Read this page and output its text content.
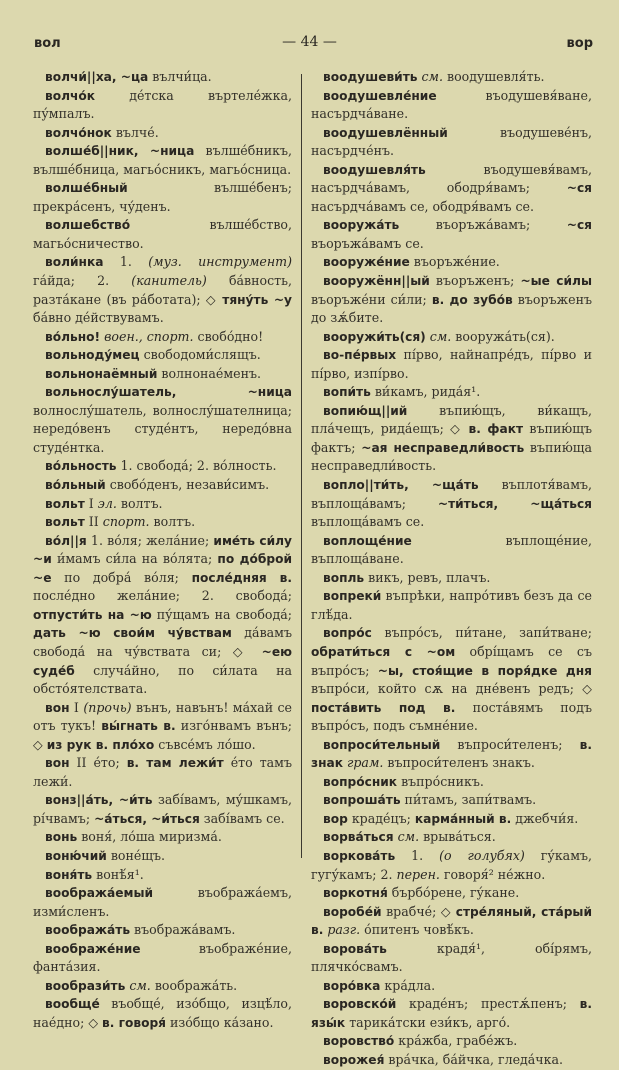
вол	— 44 —	вор

волчи́||ха, ~ца вълчи́ца.

волчо́к де́тска въртеле́жка, пу́мпалъ.

волчо́нок вълче́.

волше́б||ник, ~ница вълше́бникъ, вълше́бница, магьо́сникъ, магьо́сница.

волше́бный вълше́бенъ; прекра́сенъ, чу́денъ.

волшебство́ вълше́бство, магьо́сничество.

воли́нка 1. (муз. инструмент) га́йда; 2. (канитель) ба́вность, разта́кане (въ ра́ботата); ◇ тяну́ть ~у ба́вно де́йствувамъ.

во́льно! воен., спорт. свобо́дно!

вольноду́мец свободоми́слящъ.

вольнонаёмный волнонае́менъ.

вольнослу́шатель, ~ница волнослу́шатель, волнослу́шателница; нередо́венъ студе́нтъ, нередо́вна студе́нтка.

во́льность 1. свобода́; 2. во́лность.

во́льный свобо́денъ, незави́симъ.

вольт I эл. волтъ.

вольт II спорт. волтъ.

во́л||я 1. во́ля; жела́ние; име́ть си́лу ~и и́мамъ си́ла на во́лята; по до́брой ~е по добра́ во́ля; после́дняя в. после́дно жела́ние; 2. свобода́; отпусти́ть на ~ю пу́щамъ на свобода́; дать ~ю свои́м чу́вствам да́вамъ свобода́ на чу́вствата си; ◇ ~ею суде́б случа́йно, по си́лата на обсто́ятелствата.

вон I (прочь) вънъ, навънъ! ма́хай се отъ тукъ! вы́гнать в. изго́нвамъ вънъ; ◇ из рук в. пло́хо съвсе́мъ ло́шо.

вон II е́то; в. там лежи́т е́то тамъ лежи́.

вонз||а́ть, ~и́ть забі́вамъ, му́шкамъ, рі́чвамъ; ~а́ться, ~и́ться забі́вамъ се.

вонь воня́, ло́ша миризма́.

воню́чий воне́щъ.

воня́ть вонѣ́я¹.

вообража́емый въобража́емъ, изми́сленъ.

вообража́ть въобража́вамъ.

воображе́ние въображе́ние, фанта́зия.

вообрази́ть см. вообража́ть.

вообще́ въобще́, изо́бщо, изцѣ́ло, нае́дно; ◇ в. говоря́ изо́бщо ка́зано.

воодушеви́ть см. воодушевля́ть.

воодушевле́ние въодушевя́ване, насърдча́ване.

воодушевлённый въодушеве́нъ, насърдче́нъ.

воодушевля́ть въодушевя́вамъ, насърдча́вамъ, ободря́вамъ; ~ся насърдча́вамъ се, ободря́вамъ се.

вооружа́ть въоръжа́вамъ; ~ся въоръжа́вамъ се.

вооруже́ние въоръже́ние.

вооружённ||ый въоръженъ; ~ые си́лы въоръже́ни си́ли; в. до зубо́в въоръженъ до зѫ́бите.

вооружи́ть(ся) см. вооружа́ть(ся).

во-пе́рвых пі́рво, найнапре́дъ, пі́рво и пі́рво, изпі́рво.

вопи́ть ви́камъ, рида́я¹.

вопию́щ||ий въпию́щъ, ви́кащъ, пла́чещъ, рида́ещъ; ◇ в. факт въпию́щъ фактъ; ~ая несправедли́вость въпию́ща несправедли́вость.

вопло||ти́ть, ~ща́ть въплотя́вамъ, въплоща́вамъ; ~ти́ться, ~ща́ться въплоща́вамъ се.

воплоще́ние въплоще́ние, въплоща́ване.

вопль викъ, ревъ, плачъ.

вопреки́ въпрѣки, напро́тивъ безъ да се глѣ́да.

вопро́с въпро́съ, пи́тане, запи́тване; обрати́ться с ~ом обрі́щамъ се съ въпро́съ; ~ы, стоя́щие в поря́дке дня въпро́си, който сѫ на дне́венъ редъ; ◇ поста́вить под в. поста́вямъ подъ въпро́съ, подъ съмне́ние.

вопроси́тельный въпроси́теленъ; в. знак грам. въпроси́теленъ знакъ.

вопро́сник въпро́сникъ.

вопроша́ть пи́тамъ, запи́твамъ.

вор краде́цъ; карма́нный в. джебчи́я.

ворва́ться см. врыва́ться.

воркова́ть 1. (о голубях) гу́камъ, гугу́камъ; 2. перен. говоря́² не́жно.

воркотня́ бърбо́рене, гу́кане.

воробе́й врабче́; ◇ стре́ляный, ста́рый в. разг. о́питенъ човѣ́къ.

ворова́ть крадя́¹, обі́рямъ, плячко́свамъ.

воро́вка кра́дла.

воровско́й краде́нъ; престѫ́пенъ; в. язы́к тарика́тски ези́къ, арго́.

воровство́ кра́жба, грабе́жъ.

ворожея́ вра́чка, ба́йчка, гледа́чка.
